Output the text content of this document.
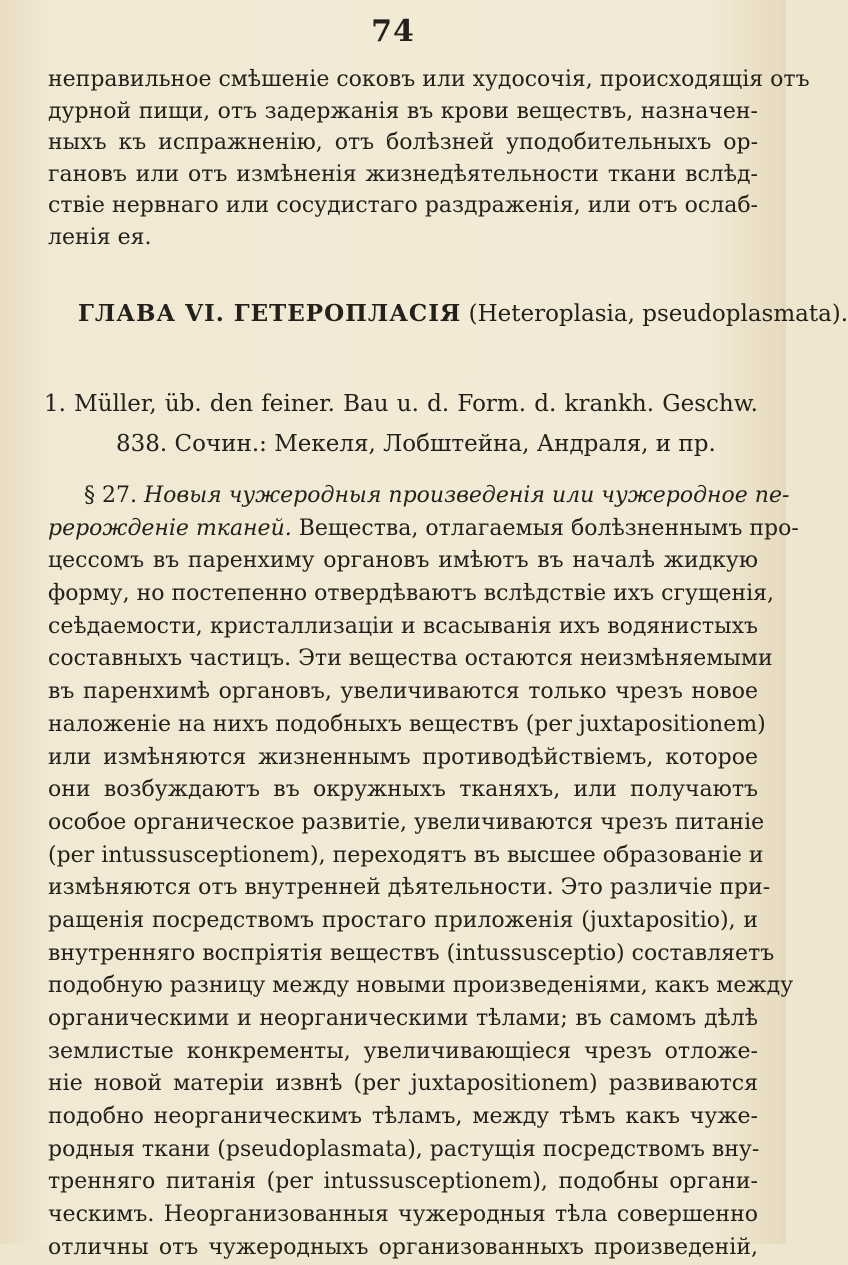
74
неправильное смѣшеніе соковъ или худосочія, происходящія отъ
дурной пищи, отъ задержанія въ крови веществъ, назначен-
ныхъ къ испражненію, отъ болѣзней уподобительныхъ ор-
гановъ или отъ измѣненія жизнедѣятельности ткани вслѣд-
ствіе нервнаго или сосудистаго раздраженія, или отъ ослаб-
ленія ея.
ГЛАВА VI. ГЕТЕРОПЛАСІЯ (Heteroplasia, pseudoplasmata).
1. Müller, üb. den feiner. Bau u. d. Form. d. krankh. Geschw.
838. Сочин.: Мекеля, Лобштейна, Андраля, и пр.
§ 27. Новыя чужеродныя произведенія или чужеродное пе-
рерожденіе тканей. Вещества, отлагаемыя болѣзненнымъ про-
цессомъ въ паренхиму органовъ имѣютъ въ началѣ жидкую
форму, но постепенно отвердѣваютъ вслѣдствіе ихъ сгущенія,
сеѣдаемости, кристаллизаціи и всасыванія ихъ водянистыхъ
составныхъ частицъ. Эти вещества остаются неизмѣняемыми
въ паренхимѣ органовъ, увеличиваются только чрезъ новое
наложеніе на нихъ подобныхъ веществъ (per juxtapositionem)
или измѣняются жизненнымъ противодѣйствіемъ, которое
они возбуждаютъ въ окружныхъ тканяхъ, или получаютъ
особое органическое развитіе, увеличиваются чрезъ питаніе
(per intussusceptionem), переходятъ въ высшее образованіе и
измѣняются отъ внутренней дѣятельности. Это различіе при-
ращенія посредствомъ простаго приложенія (juxtapositio), и
внутренняго воспріятія веществъ (intussusceptio) составляетъ
подобную разницу между новыми произведеніями, какъ между
органическими и неорганическими тѣлами; въ самомъ дѣлѣ
землистые конкременты, увеличивающіеся чрезъ отложе-
ніе новой матеріи извнѣ (per juxtapositionem) развиваются
подобно неорганическимъ тѣламъ, между тѣмъ какъ чуже-
родныя ткани (pseudoplasmata), растущія посредствомъ вну-
тренняго питанія (per intussusceptionem), подобны органи-
ческимъ. Неорганизованныя чужеродныя тѣла совершенно
отличны отъ чужеродныхъ организованныхъ произведеній,
